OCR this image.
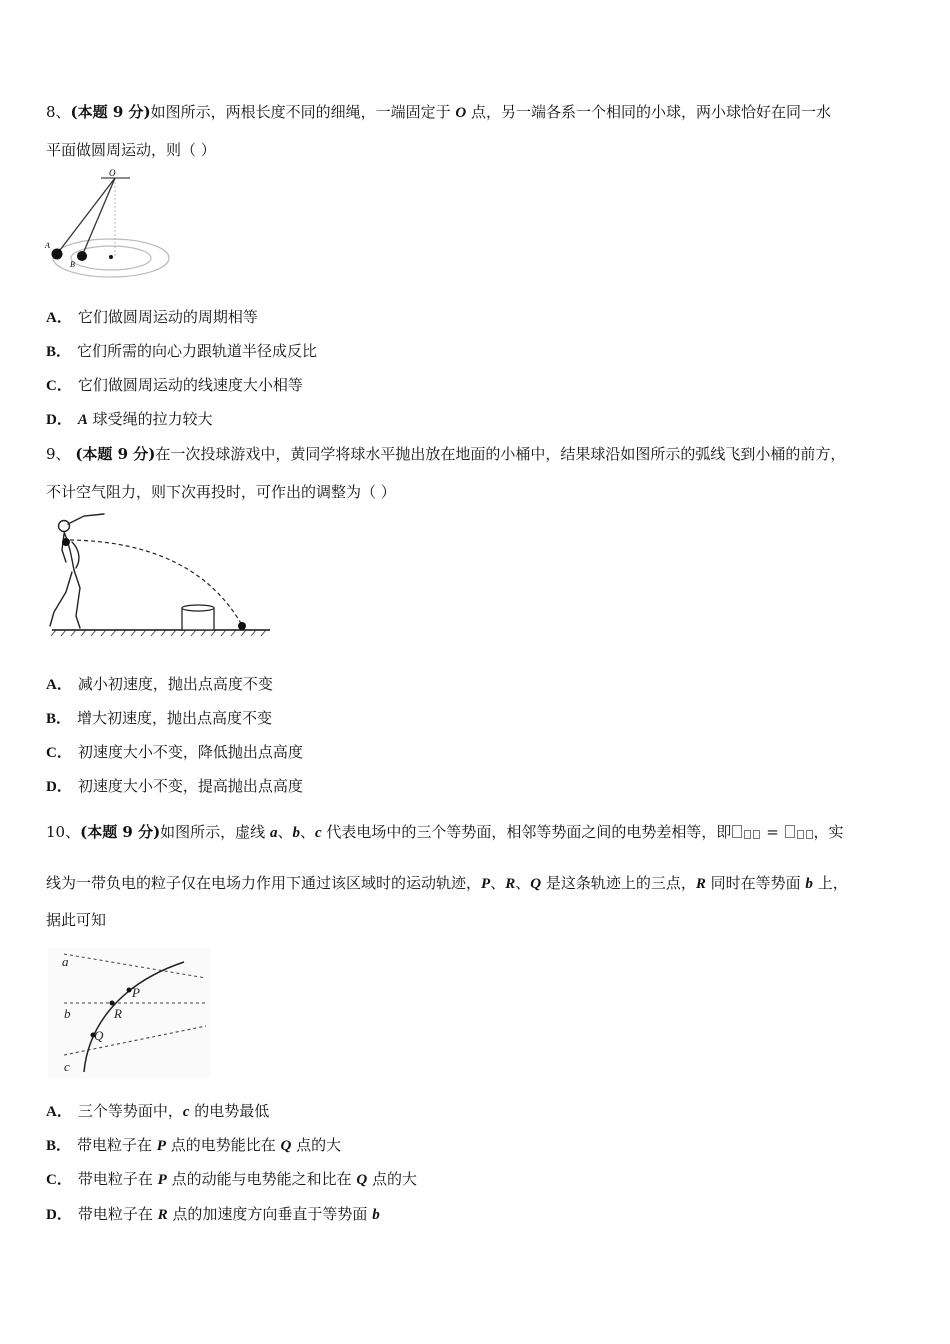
8、(本题 9 分)如图所示，两根长度不同的细绳，一端固定于 O 点，另一端各系一个相同的小球，两小球恰好在同一水
平面做圆周运动，则（ ）
O
A
B
A． 它们做圆周运动的周期相等
B． 它们所需的向心力跟轨道半径成反比
C． 它们做圆周运动的线速度大小相等
D． A 球受绳的拉力较大
9、 (本题 9 分)在一次投球游戏中，黄同学将球水平抛出放在地面的小桶中，结果球沿如图所示的弧线飞到小桶的前方，
不计空气阻力，则下次再投时，可作出的调整为（ ）
A． 减小初速度，抛出点高度不变
B． 增大初速度，抛出点高度不变
C． 初速度大小不变，降低抛出点高度
D． 初速度大小不变，提高抛出点高度
10、(本题 9 分)如图所示，虚线 a、b、c 代表电场中的三个等势面，相邻等势面之间的电势差相等，即 = ，实
线为一带负电的粒子仅在电场力作用下通过该区域时的运动轨迹，P、R、Q 是这条轨迹上的三点，R 同时在等势面 b 上，
据此可知
a
b
c
P
R
Q
A． 三个等势面中，c 的电势最低
B． 带电粒子在 P 点的电势能比在 Q 点的大
C． 带电粒子在 P 点的动能与电势能之和比在 Q 点的大
D． 带电粒子在 R 点的加速度方向垂直于等势面 b
